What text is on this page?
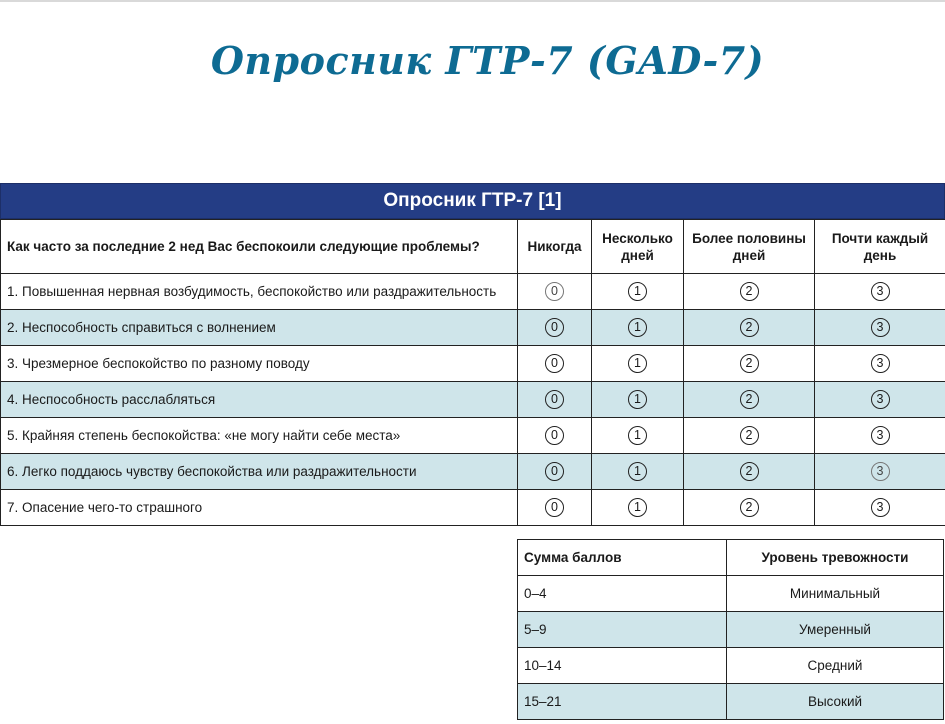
Опросник ГТР-7 (GAD-7)
Опросник ГТР-7 [1]
Как часто за последние 2 нед Вас беспокоили следующие проблемы?	Никогда	Несколько дней	Более половины дней	Почти каждый день
1. Повышенная нервная возбудимость, беспокойство или раздражительность	0	1	2	3
2. Неспособность справиться с волнением	0	1	2	3
3. Чрезмерное беспокойство по разному поводу	0	1	2	3
4. Неспособность расслабляться	0	1	2	3
5. Крайняя степень беспокойства: «не могу найти себе места»	0	1	2	3
6. Легко поддаюсь чувству беспокойства или раздражительности	0	1	2	3
7. Опасение чего-то страшного	0	1	2	3
Сумма баллов	Уровень тревожности
0–4	Минимальный
5–9	Умеренный
10–14	Средний
15–21	Высокий
